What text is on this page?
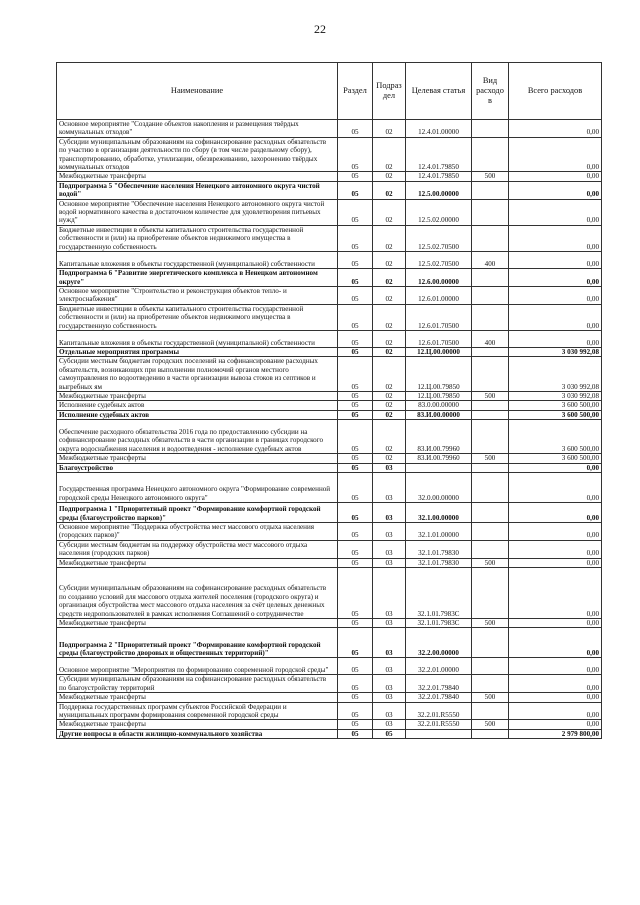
22
Наименование	Раздел	Подраз дел	Целевая статья	Вид расходо в	Всего расходов
Основное мероприятие "Создание объектов накопления и размещения твёрдых коммунальных отходов"	05	02	12.4.01.00000		0,00
Субсидии муниципальным образованиям на софинансирование расходных обязательств по участию в организации деятельности по сбору (в том числе раздельному сбору), транспортированию, обработке, утилизации, обезвреживанию, захоронению твёрдых коммунальных отходов	05	02	12.4.01.79850		0,00
Межбюджетные трансферты	05	02	12.4.01.79850	500	0,00
Подпрограмма 5 "Обеспечение населения Ненецкого автономного округа чистой водой"	05	02	12.5.00.00000		0,00
Основное мероприятие "Обеспечение населения Ненецкого автономного округа чистой водой нормативного качества в достаточном количестве для удовлетворения питьевых нужд"	05	02	12.5.02.00000		0,00
Бюджетные инвестиции в объекты капитального строительства государственной собственности и (или) на приобретение объектов недвижимого имущества в государственную собственность	05	02	12.5.02.70500		0,00
Капитальные вложения в объекты государственной (муниципальной) собственности	05	02	12.5.02.70500	400	0,00
Подпрограмма 6 "Развитие энергетического комплекса в Ненецком автономном округе"	05	02	12.6.00.00000		0,00
Основное мероприятие "Строительство и реконструкция объектов тепло- и электроснабжения"	05	02	12.6.01.00000		0,00
Бюджетные инвестиции в объекты капитального строительства государственной собственности и (или) на приобретение объектов недвижимого имущества в государственную собственность	05	02	12.6.01.70500		0,00
Капитальные вложения в объекты государственной (муниципальной) собственности	05	02	12.6.01.70500	400	0,00
Отдельные мероприятия программы	05	02	12.Ц.00.00000		3 030 992,08
Субсидии местным бюджетам городских поселений на софинансирование расходных обязательств, возникающих при выполнении полномочий органов местного самоуправления по водоотведению в части организации вывоза стоков из септиков и выгребных ям	05	02	12.Ц.00.79850		3 030 992,08
Межбюджетные трансферты	05	02	12.Ц.00.79850	500	3 030 992,08
Исполнение судебных актов	05	02	83.0.00.00000		3 600 500,00
Исполнение судебных актов	05	02	83.И.00.00000		3 600 500,00
Обеспечение расходного обязательства 2016 года по предоставлению субсидии на софинансирование расходных обязательств в части организации в границах городского округа водоснабжения населения и водоотведения - исполнение судебных актов	05	02	83.И.00.79960		3 600 500,00
Межбюджетные трансферты	05	02	83.И.00.79960	500	3 600 500,00
Благоустройство	05	03			0,00
Государственная программа Ненецкого автономного округа "Формирование современной городской среды Ненецкого автономного округа"	05	03	32.0.00.00000		0,00
Подпрограмма 1 "Приоритетный проект "Формирование комфортной городской среды (благоустройство парков)"	05	03	32.1.00.00000		0,00
Основное мероприятие "Поддержка обустройства мест массового отдыха населения (городских парков)"	05	03	32.1.01.00000		0,00
Субсидии местным бюджетам на поддержку обустройства мест массового отдыха населения (городских парков)	05	03	32.1.01.79830		0,00
Межбюджетные трансферты	05	03	32.1.01.79830	500	0,00
Субсидии муниципальным образованиям на софинансирование расходных обязательств по созданию условий для массового отдыха жителей поселения (городского округа) и организация обустройства мест массового отдыха населения за счёт целевых денежных средств недропользователей в рамках исполнения Соглашений о сотрудничестве	05	03	32.1.01.7983С		0,00
Межбюджетные трансферты	05	03	32.1.01.7983С	500	0,00
Подпрограмма 2 "Приоритетный проект "Формирование комфортной городской среды (благоустройство дворовых и общественных территорий)"	05	03	32.2.00.00000		0,00
Основное мероприятие "Мероприятия по формированию современной городской среды"	05	03	32.2.01.00000		0,00
Субсидии муниципальным образованиям на софинансирование расходных обязательств по благоустройству территорий	05	03	32.2.01.79840		0,00
Межбюджетные трансферты	05	03	32.2.01.79840	500	0,00
Поддержка государственных программ субъектов Российской Федерации и муниципальных программ формирования современной городской среды	05	03	32.2.01.R5550		0,00
Межбюджетные трансферты	05	03	32.2.01.R5550	500	0,00
Другие вопросы в области жилищно-коммунального хозяйства	05	05			2 979 800,00
